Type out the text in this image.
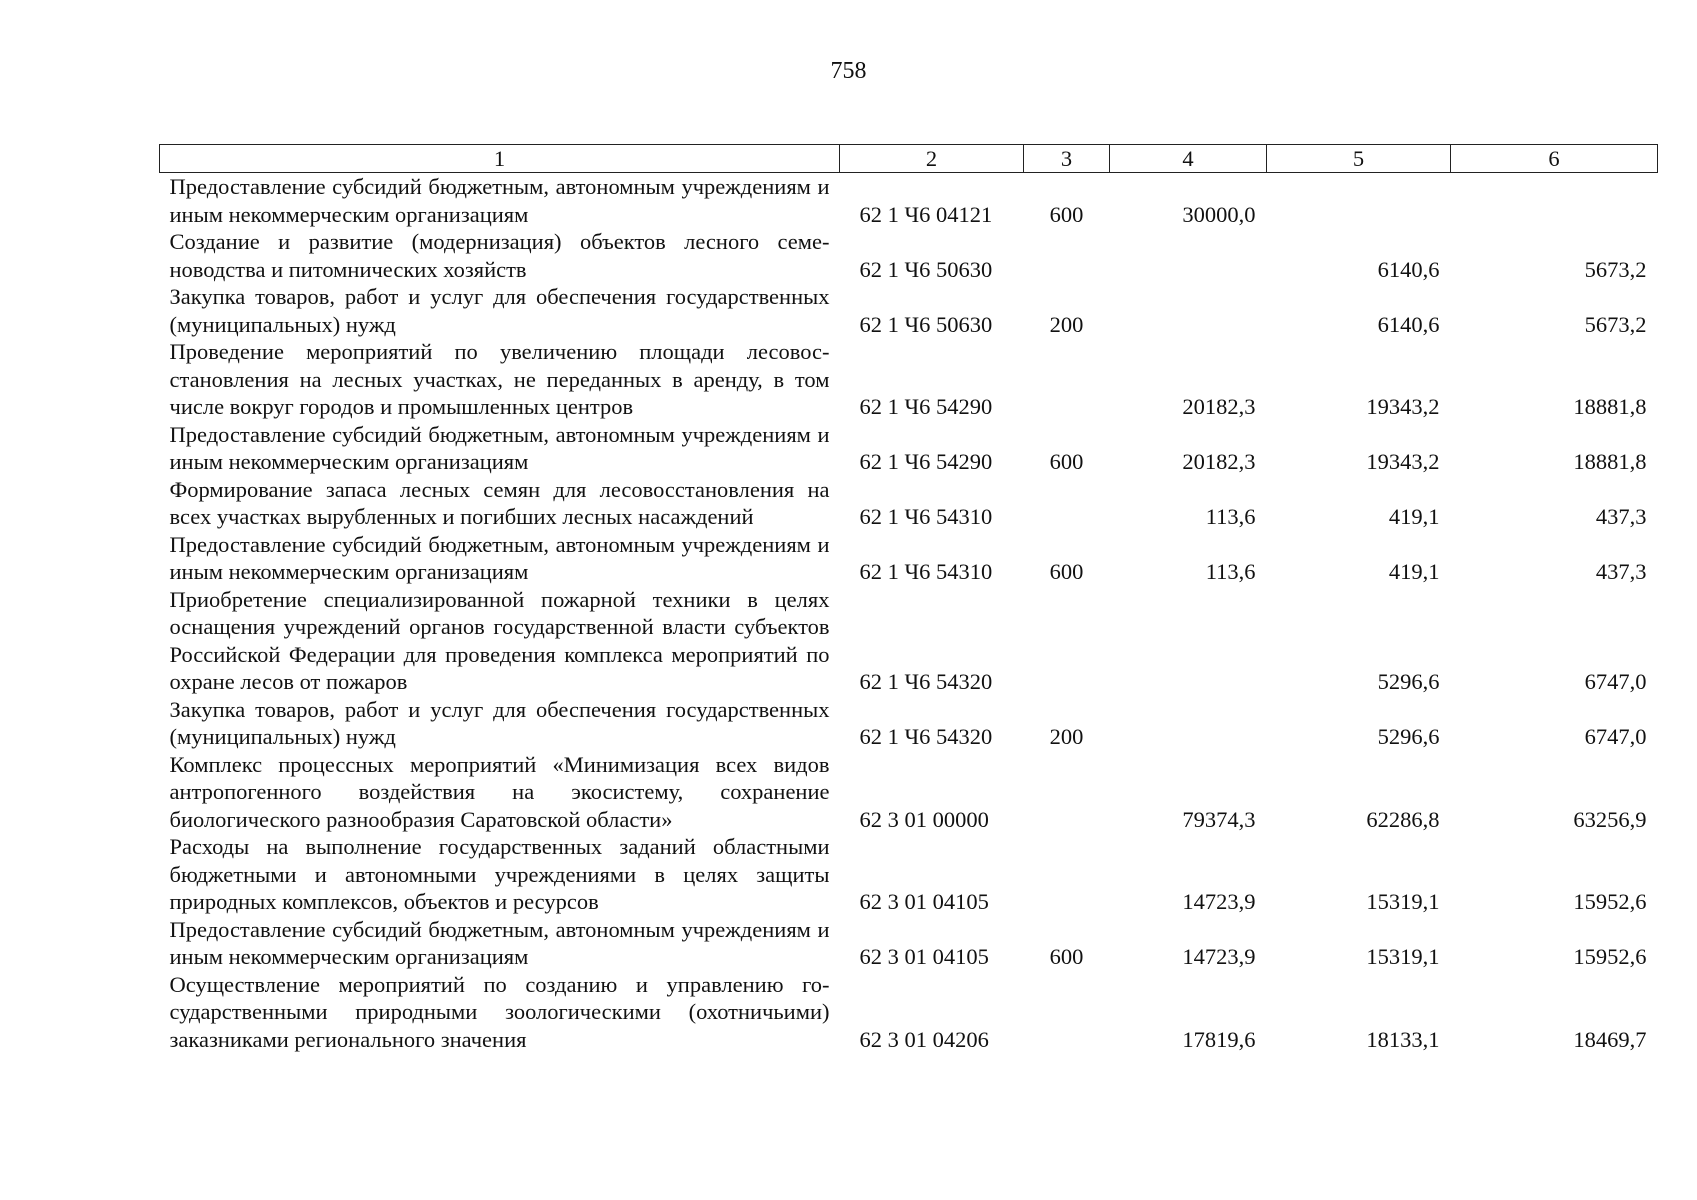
758
1	2	3	4	5	6
Предоставление субсидий бюджетным, автономным учреждениям и иным некоммерческим организациям	62 1 Ч6 04121	600	30000,0		
Создание и развитие (модернизация) объектов лесного семеноводства и питомнических хозяйств	62 1 Ч6 50630			6140,6	5673,2
Закупка товаров, работ и услуг для обеспечения государственных (муниципальных) нужд	62 1 Ч6 50630	200		6140,6	5673,2
Проведение мероприятий по увеличению площади лесовосстановления на лесных участках, не переданных в аренду, в том числе вокруг городов и промышленных центров	62 1 Ч6 54290		20182,3	19343,2	18881,8
Предоставление субсидий бюджетным, автономным учреждениям и иным некоммерческим организациям	62 1 Ч6 54290	600	20182,3	19343,2	18881,8
Формирование запаса лесных семян для лесовосстановления на всех участках вырубленных и погибших лесных насаждений	62 1 Ч6 54310		113,6	419,1	437,3
Предоставление субсидий бюджетным, автономным учреждениям и иным некоммерческим организациям	62 1 Ч6 54310	600	113,6	419,1	437,3
Приобретение специализированной пожарной техники в целях оснащения учреждений органов государственной власти субъектов Российской Федерации для проведения комплекса мероприятий по охране лесов от пожаров	62 1 Ч6 54320			5296,6	6747,0
Закупка товаров, работ и услуг для обеспечения государственных (муниципальных) нужд	62 1 Ч6 54320	200		5296,6	6747,0
Комплекс процессных мероприятий «Минимизация всех видов антропогенного воздействия на экосистему, сохранение биологического разнообразия Саратовской области»	62 3 01 00000		79374,3	62286,8	63256,9
Расходы на выполнение государственных заданий областными бюджетными и автономными учреждениями в целях защиты природных комплексов, объектов и ресурсов	62 3 01 04105		14723,9	15319,1	15952,6
Предоставление субсидий бюджетным, автономным учреждениям и иным некоммерческим организациям	62 3 01 04105	600	14723,9	15319,1	15952,6
Осуществление мероприятий по созданию и управлению государственными природными зоологическими (охотничьими) заказниками регионального значения	62 3 01 04206		17819,6	18133,1	18469,7
